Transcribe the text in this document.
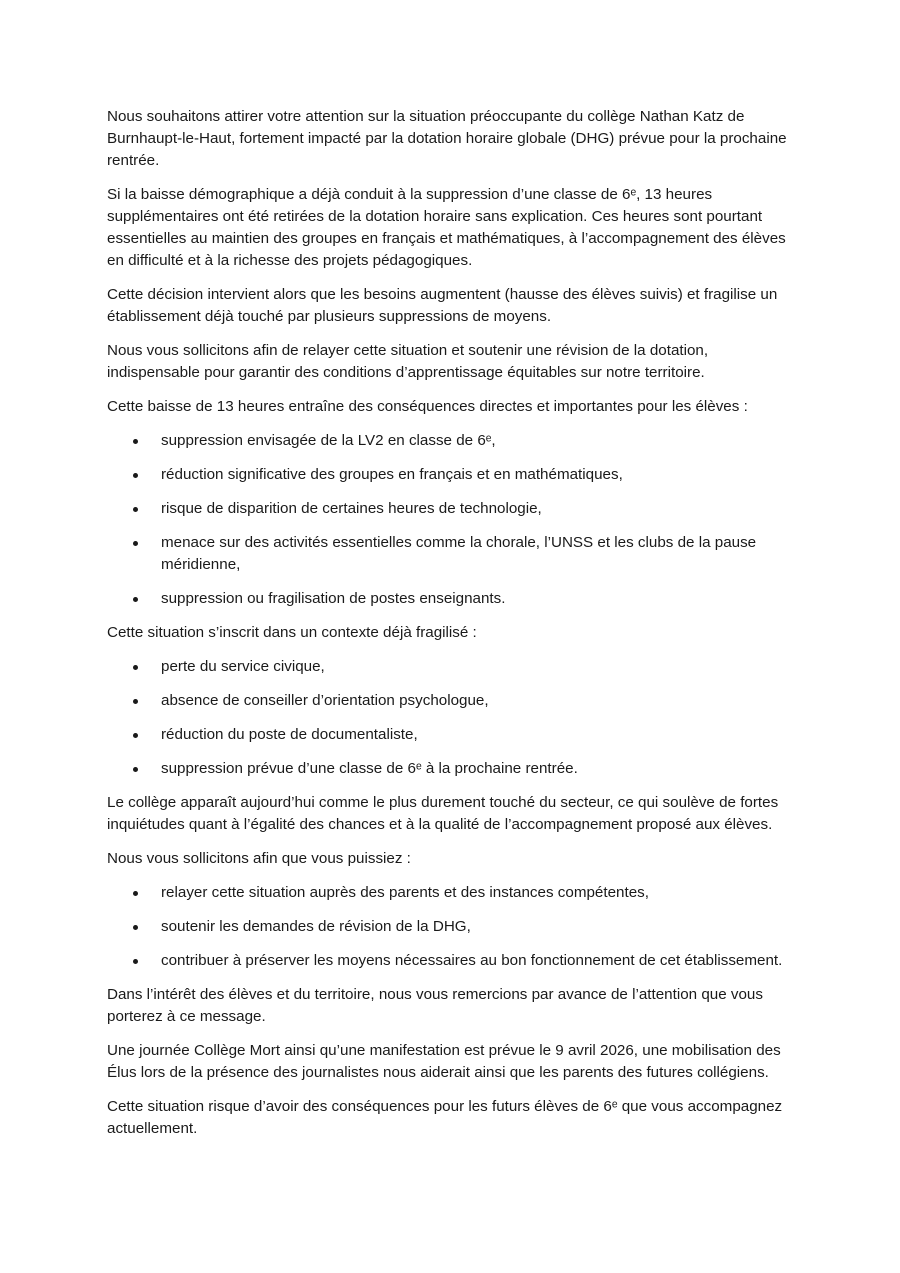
Nous souhaitons attirer votre attention sur la situation préoccupante du collège Nathan Katz de Burnhaupt-le-Haut, fortement impacté par la dotation horaire globale (DHG) prévue pour la prochaine rentrée.

Si la baisse démographique a déjà conduit à la suppression d’une classe de 6ᵉ, 13 heures supplémentaires ont été retirées de la dotation horaire sans explication. Ces heures sont pourtant essentielles au maintien des groupes en français et mathématiques, à l’accompagnement des élèves en difficulté et à la richesse des projets pédagogiques.

Cette décision intervient alors que les besoins augmentent (hausse des élèves suivis) et fragilise un établissement déjà touché par plusieurs suppressions de moyens.

Nous vous sollicitons afin de relayer cette situation et soutenir une révision de la dotation, indispensable pour garantir des conditions d’apprentissage équitables sur notre territoire.

Cette baisse de 13 heures entraîne des conséquences directes et importantes pour les élèves :

suppression envisagée de la LV2 en classe de 6ᵉ,
réduction significative des groupes en français et en mathématiques,
risque de disparition de certaines heures de technologie,
menace sur des activités essentielles comme la chorale, l’UNSS et les clubs de la pause méridienne,
suppression ou fragilisation de postes enseignants.

Cette situation s’inscrit dans un contexte déjà fragilisé :

perte du service civique,
absence de conseiller d’orientation psychologue,
réduction du poste de documentaliste,
suppression prévue d’une classe de 6ᵉ à la prochaine rentrée.

Le collège apparaît aujourd’hui comme le plus durement touché du secteur, ce qui soulève de fortes inquiétudes quant à l’égalité des chances et à la qualité de l’accompagnement proposé aux élèves.

Nous vous sollicitons afin que vous puissiez :

relayer cette situation auprès des parents et des instances compétentes,
soutenir les demandes de révision de la DHG,
contribuer à préserver les moyens nécessaires au bon fonctionnement de cet établissement.

Dans l’intérêt des élèves et du territoire, nous vous remercions par avance de l’attention que vous porterez à ce message.

Une journée Collège Mort ainsi qu’une manifestation est prévue le 9 avril 2026, une mobilisation des Élus lors de la présence des journalistes nous aiderait ainsi que les parents des futures collégiens.

Cette situation risque d’avoir des conséquences pour les futurs élèves de 6ᵉ que vous accompagnez actuellement.
